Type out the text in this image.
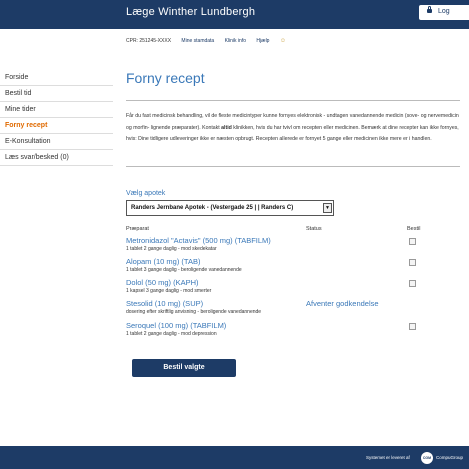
Læge Winther Lundbergh	Log
CPR: 251245-XXXX Mine stamdata Klinik info Hjælp ☺
Forside
Bestil tid
Mine tider
Forny recept
E-Konsultation
Læs svar/besked (0)
Forny recept
Får du fast medicinsk behandling, vil de fleste medicintyper kunne fornyes elektronisk - undtagen vanedannende medicin (sove- og nervemedicin og morfin- lignende præparater). Kontakt altid klinikken, hvis du har tvivl om recepten eller medicinen. Bemærk at dine recepter kan ikke fornyes, hvis: Dine tidligere udleveringer ikke er næsten opbrugt. Recepten allerede er fornyet 5 gange eller medicinen ikke mere er i handlen.
Vælg apotek
Randers Jernbane Apotek - (Vestergade 25 | | Randers C)	▼
Præparat	Status	Bestil
Metronidazol "Actavis" (500 mg) (TABFILM)
1 tablet 2 gange daglig - mod skedekatar
Alopam (10 mg) (TAB)
1 tablet 3 gange daglig - beroligende vanedannende
Dolol (50 mg) (KAPH)
1 kapsel 3 gange daglig - mod smerter
Stesolid (10 mg) (SUP)
dosering efter skriftlig anvisning - beroligende vanedannende
Afventer godkendelse
Seroquel (100 mg) (TABFILM)
1 tablet 2 gange daglig - mod depression
Bestil valgte
Systemet er leveret af	CGM	CompuGroup
